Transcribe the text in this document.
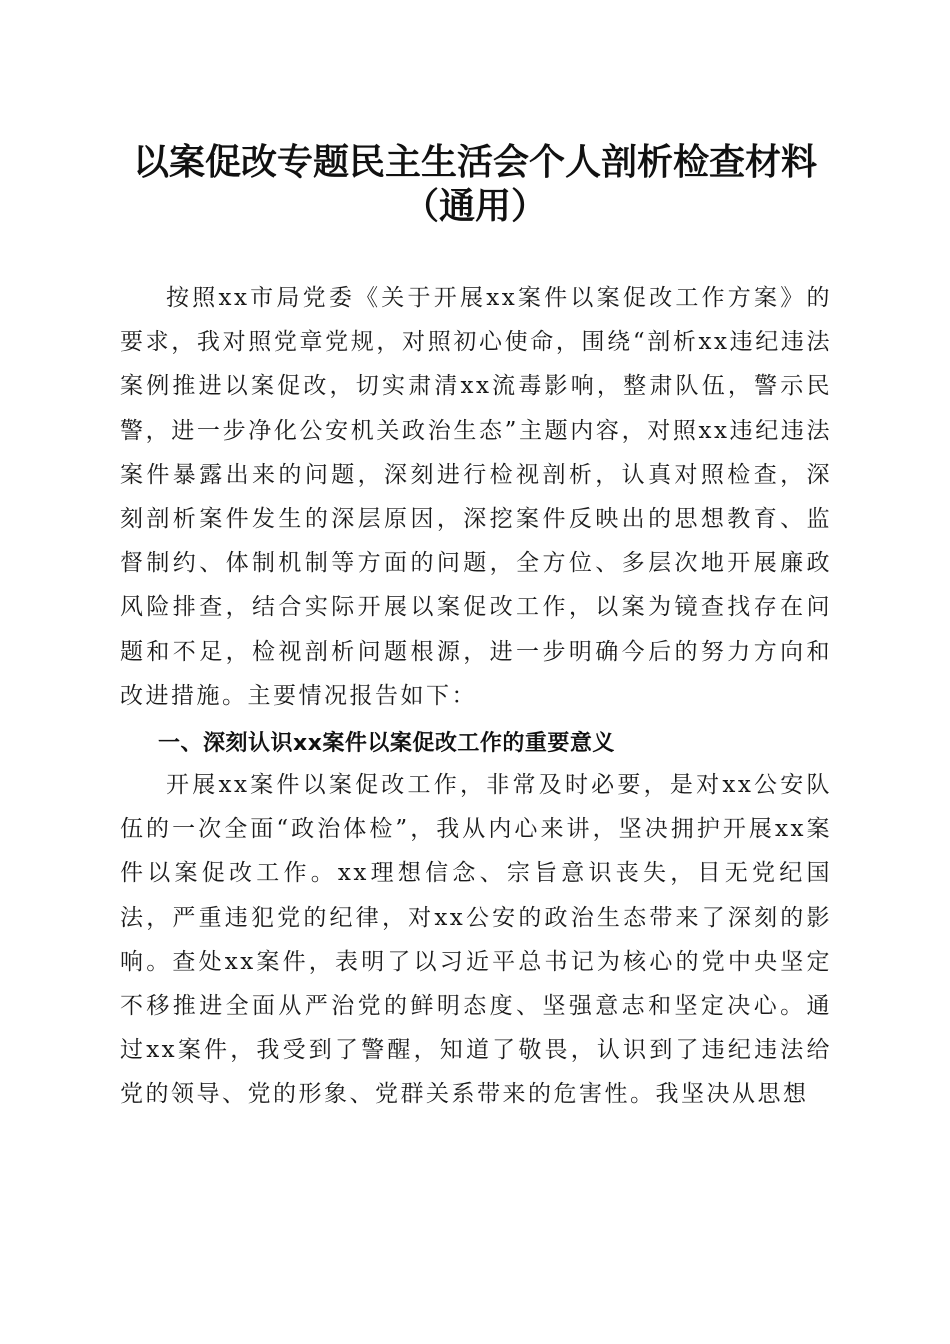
以案促改专题民主生活会个人剖析检查材料
（通用）
按照xx市局党委《关于开展xx案件以案促改工作方案》的要求，我对照党章党规，对照初心使命，围绕“剖析xx违纪违法案例推进以案促改，切实肃清xx流毒影响，整肃队伍，警示民警，进一步净化公安机关政治生态”主题内容，对照xx违纪违法案件暴露出来的问题，深刻进行检视剖析，认真对照检查，深刻剖析案件发生的深层原因，深挖案件反映出的思想教育、监督制约、体制机制等方面的问题，全方位、多层次地开展廉政风险排查，结合实际开展以案促改工作，以案为镜查找存在问题和不足，检视剖析问题根源，进一步明确今后的努力方向和改进措施。主要情况报告如下：
一、深刻认识xx案件以案促改工作的重要意义
开展xx案件以案促改工作，非常及时必要，是对xx公安队伍的一次全面“政治体检”，我从内心来讲，坚决拥护开展xx案件以案促改工作。xx理想信念、宗旨意识丧失，目无党纪国法，严重违犯党的纪律，对xx公安的政治生态带来了深刻的影响。查处xx案件，表明了以习近平总书记为核心的党中央坚定不移推进全面从严治党的鲜明态度、坚强意志和坚定决心。通过xx案件，我受到了警醒，知道了敬畏，认识到了违纪违法给党的领导、党的形象、党群关系带来的危害性。我坚决从思想
